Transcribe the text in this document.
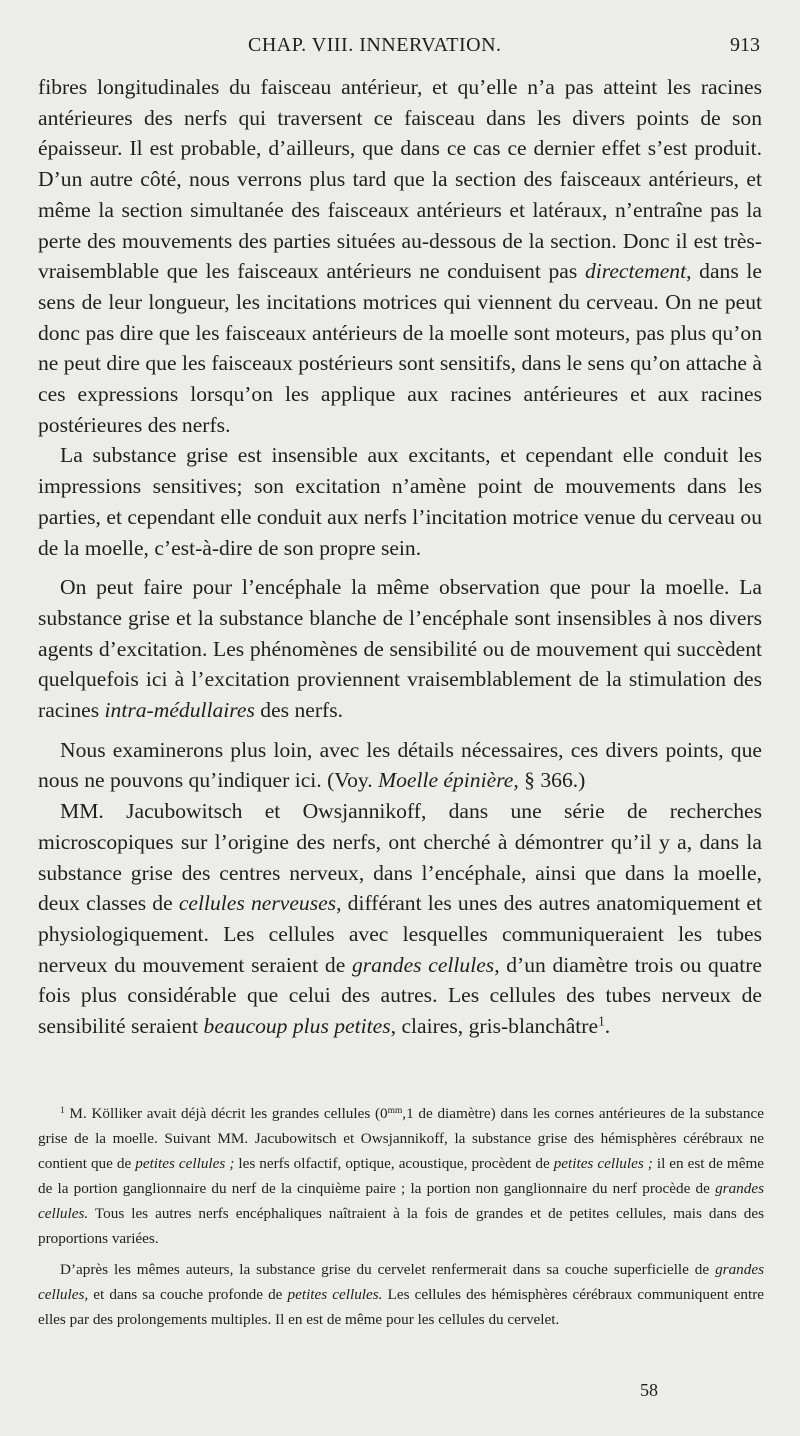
CHAP. VIII. INNERVATION.	913

fibres longitudinales du faisceau antérieur, et qu’elle n’a pas atteint les racines antérieures des nerfs qui traversent ce faisceau dans les divers points de son épaisseur. Il est probable, d’ailleurs, que dans ce cas ce dernier effet s’est produit. D’un autre côté, nous verrons plus tard que la section des faisceaux antérieurs, et même la section simultanée des faisceaux antérieurs et latéraux, n’entraîne pas la perte des mouvements des parties situées au-dessous de la section. Donc il est très-vraisemblable que les faisceaux antérieurs ne conduisent pas directement, dans le sens de leur longueur, les incitations motrices qui viennent du cerveau. On ne peut donc pas dire que les faisceaux antérieurs de la moelle sont moteurs, pas plus qu’on ne peut dire que les faisceaux postérieurs sont sensitifs, dans le sens qu’on attache à ces expressions lorsqu’on les applique aux racines antérieures et aux racines postérieures des nerfs.

La substance grise est insensible aux excitants, et cependant elle conduit les impressions sensitives; son excitation n’amène point de mouvements dans les parties, et cependant elle conduit aux nerfs l’incitation motrice venue du cerveau ou de la moelle, c’est-à-dire de son propre sein.

On peut faire pour l’encéphale la même observation que pour la moelle. La substance grise et la substance blanche de l’encéphale sont insensibles à nos divers agents d’excitation. Les phénomènes de sensibilité ou de mouvement qui succèdent quelquefois ici à l’excitation proviennent vraisemblablement de la stimulation des racines intra-médullaires des nerfs.

Nous examinerons plus loin, avec les détails nécessaires, ces divers points, que nous ne pouvons qu’indiquer ici. (Voy. Moelle épinière, § 366.)

MM. Jacubowitsch et Owsjannikoff, dans une série de recherches microscopiques sur l’origine des nerfs, ont cherché à démontrer qu’il y a, dans la substance grise des centres nerveux, dans l’encéphale, ainsi que dans la moelle, deux classes de cellules nerveuses, différant les unes des autres anatomiquement et physiologiquement. Les cellules avec lesquelles communiqueraient les tubes nerveux du mouvement seraient de grandes cellules, d’un diamètre trois ou quatre fois plus considérable que celui des autres. Les cellules des tubes nerveux de sensibilité seraient beaucoup plus petites, claires, gris-blanchâtre$^1$.

$^1$ M. Kölliker avait déjà décrit les grandes cellules ($0^{mm},1$ de diamètre) dans les cornes antérieures de la substance grise de la moelle. Suivant MM. Jacubowitsch et Owsjannikoff, la substance grise des hémisphères cérébraux ne contient que de petites cellules ; les nerfs olfactif, optique, acoustique, procèdent de petites cellules ; il en est de même de la portion ganglionnaire du nerf de la cinquième paire ; la portion non ganglionnaire du nerf procède de grandes cellules. Tous les autres nerfs encéphaliques naîtraient à la fois de grandes et de petites cellules, mais dans des proportions variées.

D’après les mêmes auteurs, la substance grise du cervelet renfermerait dans sa couche superficielle de grandes cellules, et dans sa couche profonde de petites cellules. Les cellules des hémisphères cérébraux communiquent entre elles par des prolongements multiples. Il en est de même pour les cellules du cervelet.

58
